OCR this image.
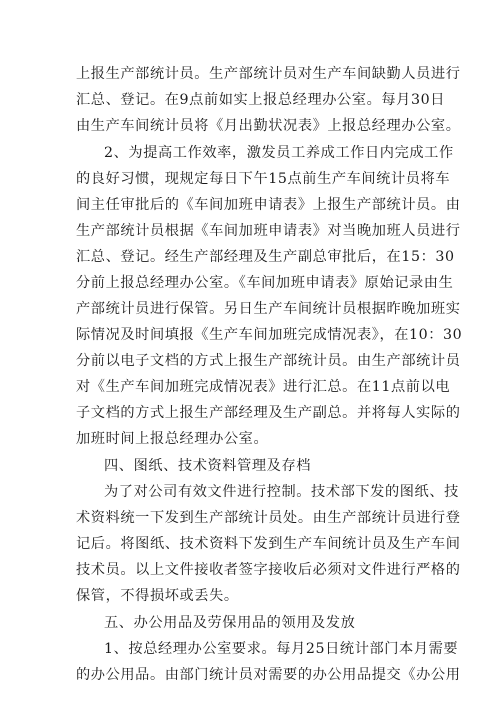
上报生产部统计员。生产部统计员对生产车间缺勤人员进行
汇总、登记。在9点前如实上报总经理办公室。每月30日
由生产车间统计员将《月出勤状况表》上报总经理办公室。
2、为提高工作效率，激发员工养成工作日内完成工作
的良好习惯，现规定每日下午15点前生产车间统计员将车
间主任审批后的《车间加班申请表》上报生产部统计员。由
生产部统计员根据《车间加班申请表》对当晚加班人员进行
汇总、登记。经生产部经理及生产副总审批后，在15：30
分前上报总经理办公室。《车间加班申请表》原始记录由生
产部统计员进行保管。另日生产车间统计员根据昨晚加班实
际情况及时间填报《生产车间加班完成情况表》，在10：30
分前以电子文档的方式上报生产部统计员。由生产部统计员
对《生产车间加班完成情况表》进行汇总。在11点前以电
子文档的方式上报生产部经理及生产副总。并将每人实际的
加班时间上报总经理办公室。
四、图纸、技术资料管理及存档
为了对公司有效文件进行控制。技术部下发的图纸、技
术资料统一下发到生产部统计员处。由生产部统计员进行登
记后。将图纸、技术资料下发到生产车间统计员及生产车间
技术员。以上文件接收者签字接收后必须对文件进行严格的
保管，不得损坏或丢失。
五、办公用品及劳保用品的领用及发放
1、按总经理办公室要求。每月25日统计部门本月需要
的办公用品。由部门统计员对需要的办公用品提交《办公用
